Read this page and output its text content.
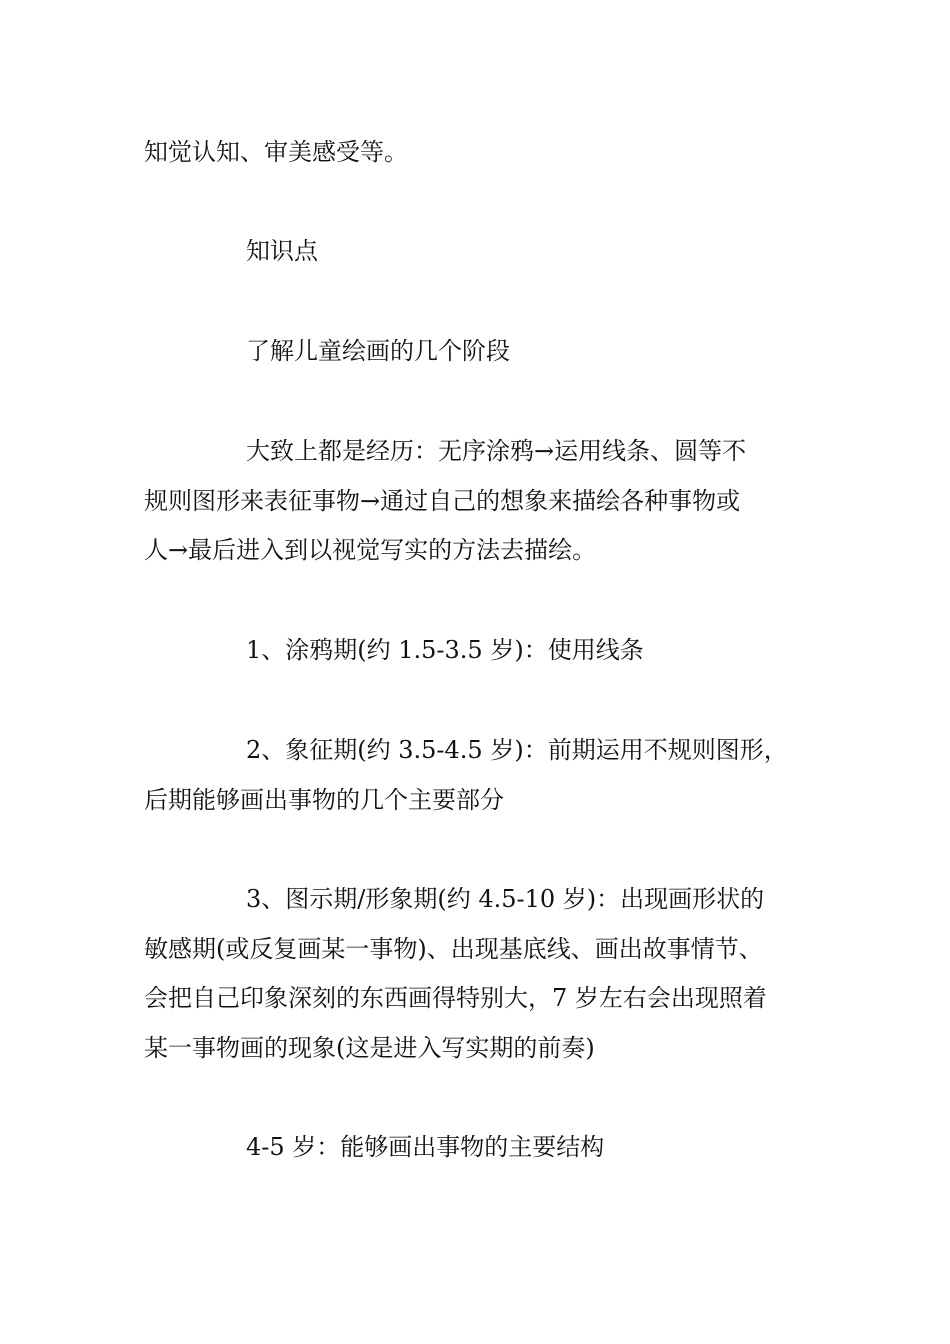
知觉认知、审美感受等。

知识点

了解儿童绘画的几个阶段

大致上都是经历：无序涂鸦→运用线条、圆等不

规则图形来表征事物→通过自己的想象来描绘各种事物或

人→最后进入到以视觉写实的方法去描绘。

1、涂鸦期(约 1.5-3.5 岁)：使用线条

2、象征期(约 3.5-4.5 岁)：前期运用不规则图形，

后期能够画出事物的几个主要部分

3、图示期/形象期(约 4.5-10 岁)：出现画形状的

敏感期(或反复画某一事物)、出现基底线、画出故事情节、

会把自己印象深刻的东西画得特别大，7 岁左右会出现照着

某一事物画的现象(这是进入写实期的前奏)

4-5 岁：能够画出事物的主要结构
